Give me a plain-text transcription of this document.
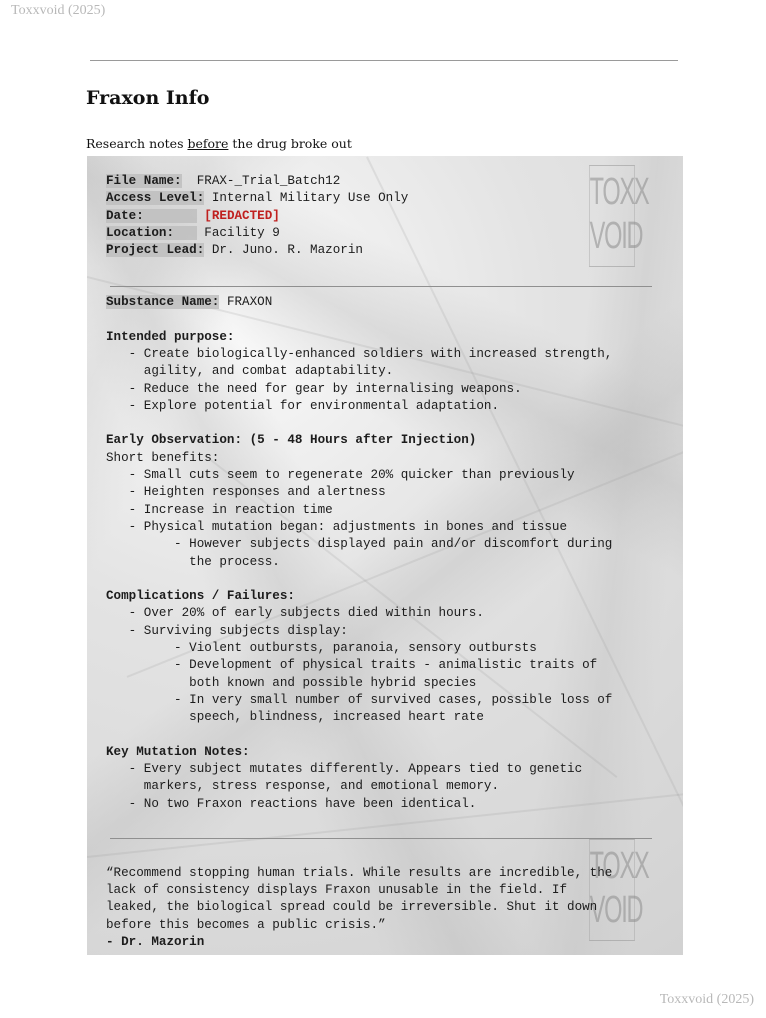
Toxxvoid (2025)
Fraxon Info
Research notes before the drug broke out
TOXX
VOID
TOXX
VOID
File Name: FRAX-_Trial_Batch12
Access Level: Internal Military Use Only
Date:	[REDACTED]
Location: Facility 9
Project Lead: Dr. Juno. R. Mazorin
Substance Name: FRAXON
Intended purpose:
- Create biologically-enhanced soldiers with increased strength,
agility, and combat adaptability.
- Reduce the need for gear by internalising weapons.
- Explore potential for environmental adaptation.
Early Observation: (5 - 48 Hours after Injection)
Short benefits:
- Small cuts seem to regenerate 20% quicker than previously
- Heighten responses and alertness
- Increase in reaction time
- Physical mutation began: adjustments in bones and tissue
- However subjects displayed pain and/or discomfort during
the process.
Complications / Failures:
- Over 20% of early subjects died within hours.
- Surviving subjects display:
- Violent outbursts, paranoia, sensory outbursts
- Development of physical traits - animalistic traits of
both known and possible hybrid species
- In very small number of survived cases, possible loss of
speech, blindness, increased heart rate
Key Mutation Notes:
- Every subject mutates differently. Appears tied to genetic
markers, stress response, and emotional memory.
- No two Fraxon reactions have been identical.
“Recommend stopping human trials. While results are incredible, the
lack of consistency displays Fraxon unusable in the field. If
leaked, the biological spread could be irreversible. Shut it down
before this becomes a public crisis.”
- Dr. Mazorin
Toxxvoid (2025)
